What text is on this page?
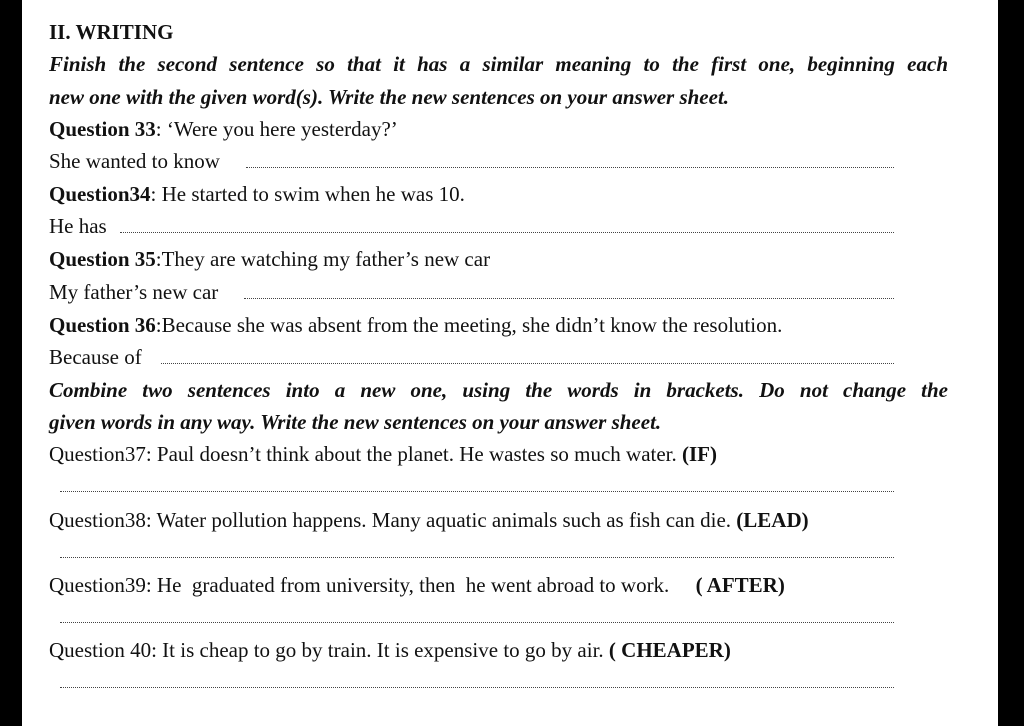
II. WRITING
Finish the second sentence so that it has a similar meaning to the first one, beginning each
new one with the given word(s). Write the new sentences on your answer sheet.
Question 33: ‘Were you here yesterday?’
She wanted to know
Question34: He started to swim when he was 10.
He has
Question 35:They are watching my father’s new car
My father’s new car
Question 36:Because she was absent from the meeting, she didn’t know the resolution.
Because of
Combine two sentences into a new one, using the words in brackets. Do not change the
given words in any way. Write the new sentences on your answer sheet.
Question37: Paul doesn’t think about the planet. He wastes so much water. (IF)
Question38: Water pollution happens. Many aquatic animals such as fish can die. (LEAD)
Question39: He  graduated from university, then  he went abroad to work.     ( AFTER)
Question 40: It is cheap to go by train. It is expensive to go by air. ( CHEAPER)
